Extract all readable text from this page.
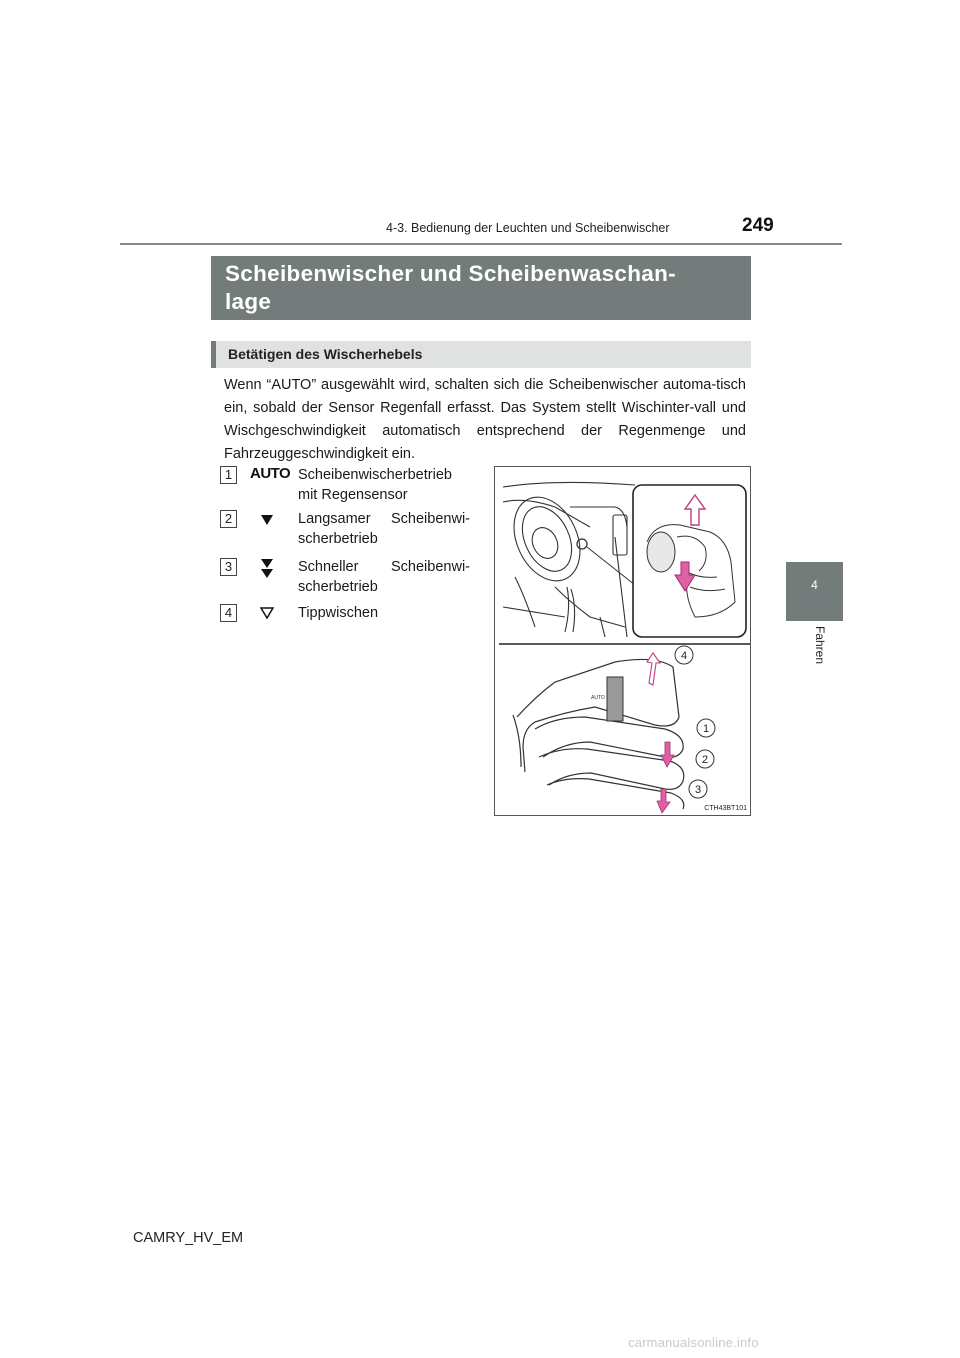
4-3. Bedienung der Leuchten und Scheibenwischer	249
4
Fahren
Scheibenwischer und Scheibenwaschan-
lage
Betätigen des Wischerhebels
Wenn “AUTO” ausgewählt wird, schalten sich die Scheibenwischer automa-tisch ein, sobald der Sensor Regenfall erfasst. Das System stellt Wischinter-vall und Wischgeschwindigkeit automatisch entsprechend der Regenmenge und Fahrzeuggeschwindigkeit ein.
1	AUTO Scheibenwischerbetrieb
mit Regensensor
2	Langsamer Scheibenwi-
scherbetrieb
3	Schneller Scheibenwi-
scherbetrieb
4	Tippwischen
AUTO
4
1
2
3
CTH43BT101
CAMRY_HV_EM
carmanualsonline.info
